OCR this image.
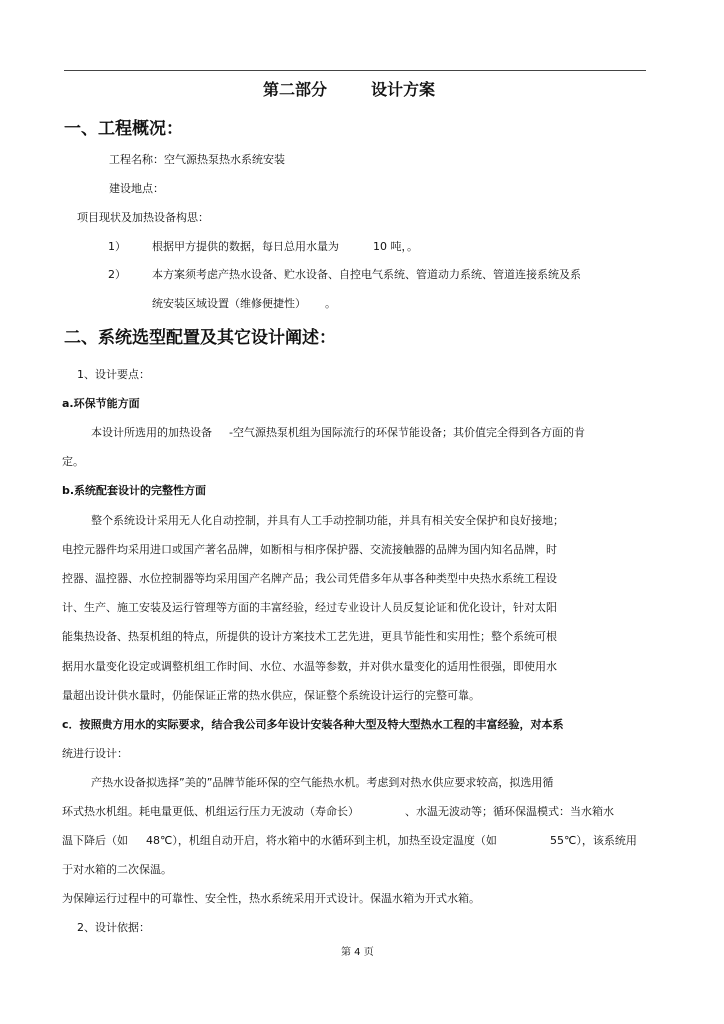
第二部分	设计方案
一、工程概况：
工程名称：空气源热泵热水系统安装
建设地点：
项目现状及加热设备构思：
1） 根据甲方提供的数据，每日总用水量为	10 吨，。
2） 本方案须考虑产热水设备、贮水设备、自控电气系统、管道动力系统、管道连接系统及系
统安装区域设置（维修便捷性） 。
二、系统选型配置及其它设计阐述：
1、设计要点：
a.环保节能方面
本设计所选用的加热设备 -空气源热泵机组为国际流行的环保节能设备；其价值完全得到各方面的肯
定。
b.系统配套设计的完整性方面
整个系统设计采用无人化自动控制，并具有人工手动控制功能，并具有相关安全保护和良好接地；
电控元器件均采用进口或国产著名品牌，如断相与相序保护器、交流接触器的品牌为国内知名品牌，时
控器、温控器、水位控制器等均采用国产名牌产品；我公司凭借多年从事各种类型中央热水系统工程设
计、生产、施工安装及运行管理等方面的丰富经验，经过专业设计人员反复论证和优化设计，针对太阳
能集热设备、热泵机组的特点，所提供的设计方案技术工艺先进，更具节能性和实用性；整个系统可根
据用水量变化设定或调整机组工作时间、水位、水温等参数，并对供水量变化的适用性很强，即使用水
量超出设计供水量时，仍能保证正常的热水供应，保证整个系统设计运行的完整可靠。
c．按照贵方用水的实际要求，结合我公司多年设计安装各种大型及特大型热水工程的丰富经验，对本系
统进行设计：
产热水设备拟选择”美的”品牌节能环保的空气能热水机。考虑到对热水供应要求较高，拟选用循
环式热水机组。耗电量更低、机组运行压力无波动（寿命长）	、水温无波动等；循环保温模式：当水箱水
温下降后（如 48℃），机组自动开启，将水箱中的水循环到主机，加热至设定温度（如	55℃），该系统用
于对水箱的二次保温。
为保障运行过程中的可靠性、安全性，热水系统采用开式设计。保温水箱为开式水箱。
2、设计依据：
第 4 页
